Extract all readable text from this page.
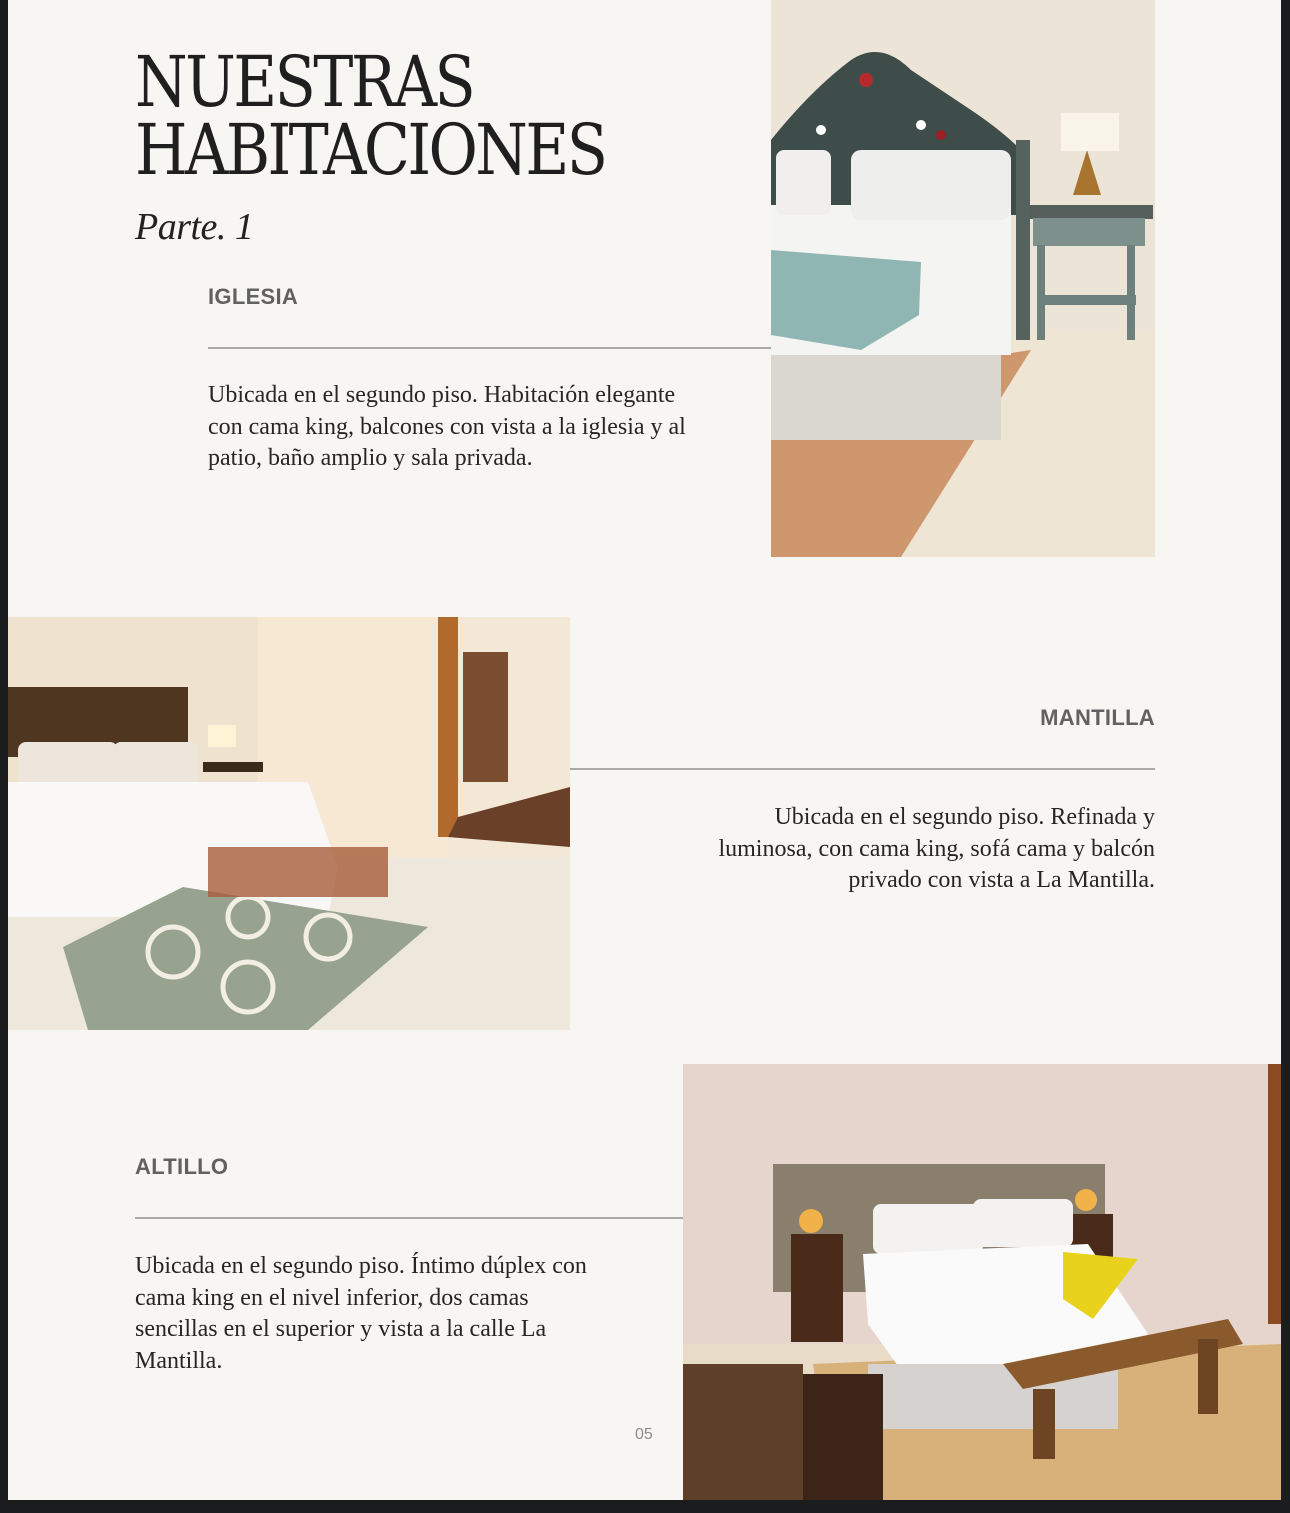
NUESTRAS
HABITACIONES
Parte. 1
IGLESIA

Ubicada en el segundo piso. Habitación elegante con cama king, balcones con vista a la iglesia y al patio, baño amplio y sala privada.

MANTILLA

Ubicada en el segundo piso. Refinada y luminosa, con cama king, sofá cama y balcón privado con vista a La Mantilla.

ALTILLO

Ubicada en el segundo piso. Íntimo dúplex con cama king en el nivel inferior, dos camas sencillas en el superior y vista a la calle La Mantilla.

05
